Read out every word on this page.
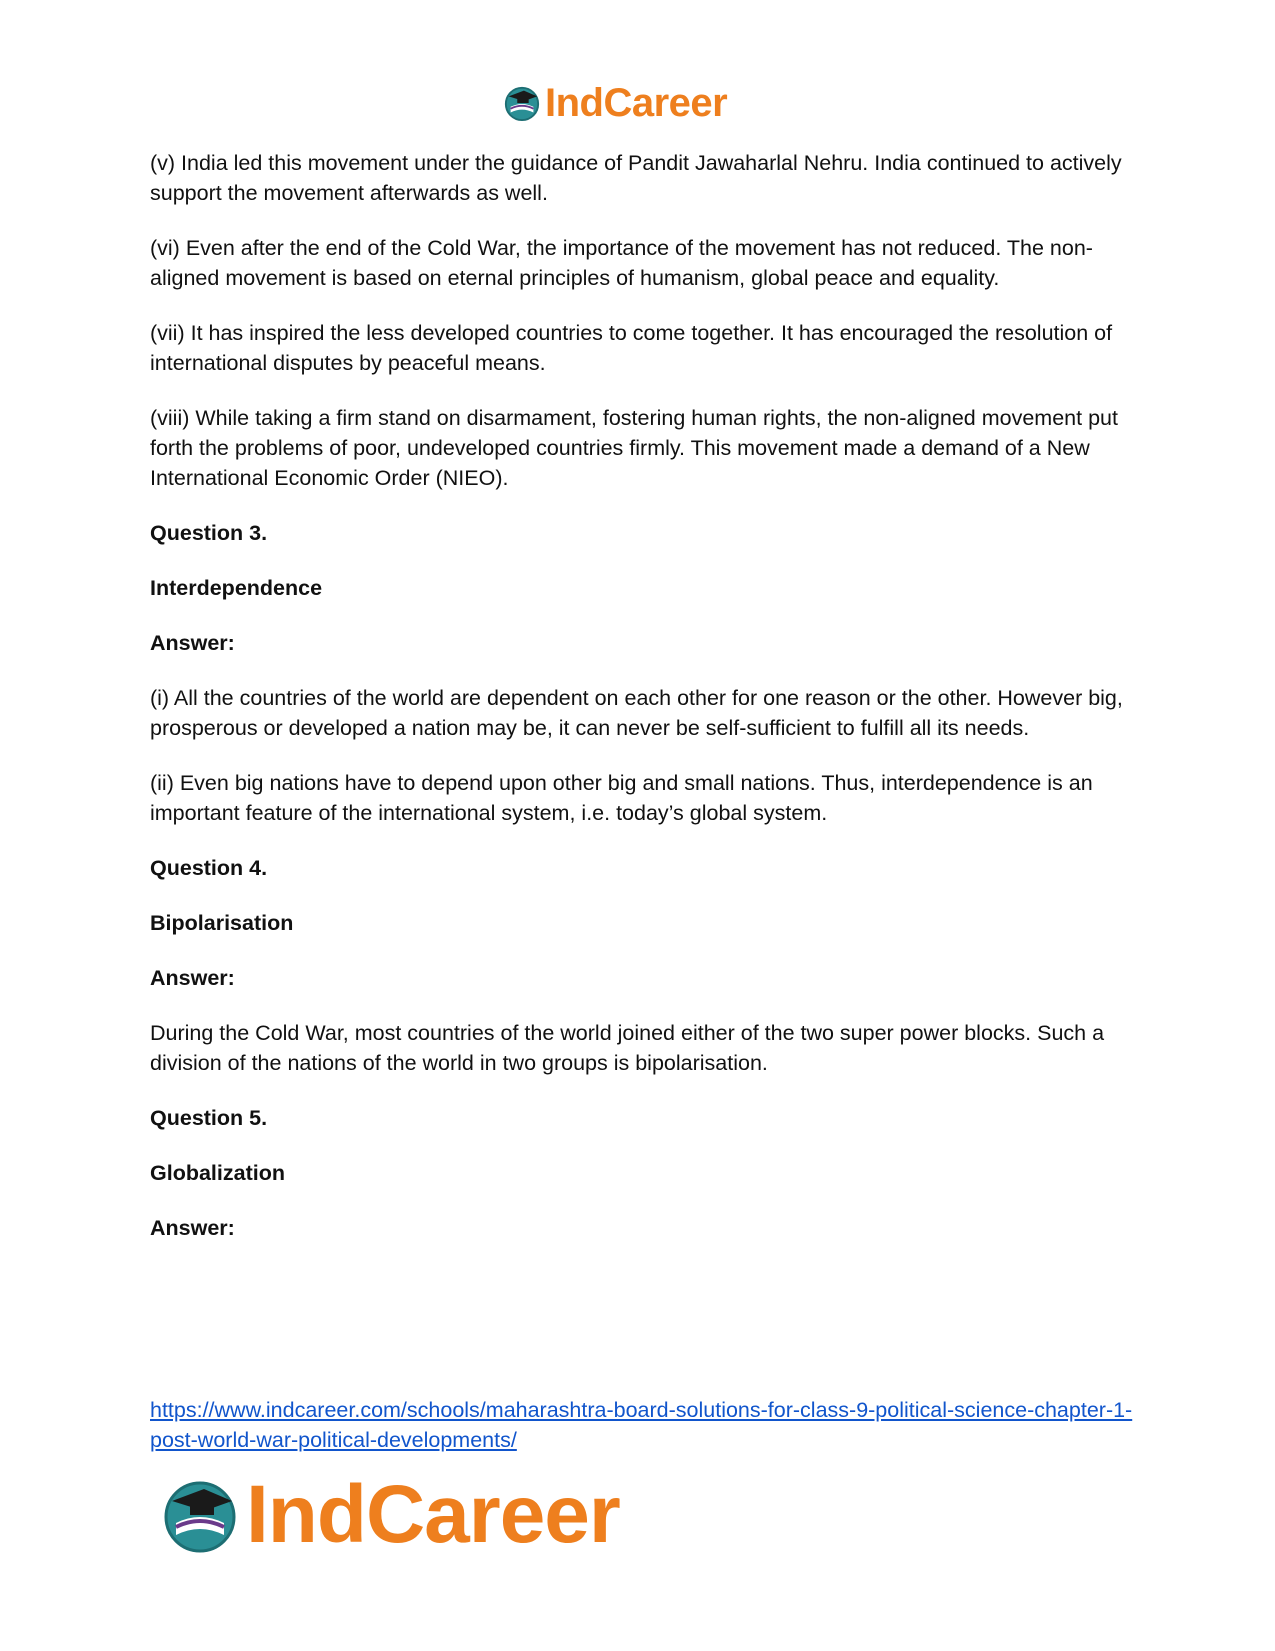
IndCareer

(v) India led this movement under the guidance of Pandit Jawaharlal Nehru. India continued to actively support the movement afterwards as well.

(vi) Even after the end of the Cold War, the importance of the movement has not reduced. The non-aligned movement is based on eternal principles of humanism, global peace and equality.

(vii) It has inspired the less developed countries to come together. It has encouraged the resolution of international disputes by peaceful means.

(viii) While taking a firm stand on disarmament, fostering human rights, the non-aligned movement put forth the problems of poor, undeveloped countries firmly. This movement made a demand of a New International Economic Order (NIEO).

Question 3.

Interdependence

Answer:

(i) All the countries of the world are dependent on each other for one reason or the other. However big, prosperous or developed a nation may be, it can never be self-sufficient to fulfill all its needs.

(ii) Even big nations have to depend upon other big and small nations. Thus, interdependence is an important feature of the international system, i.e. today’s global system.

Question 4.

Bipolarisation

Answer:

During the Cold War, most countries of the world joined either of the two super power blocks. Such a division of the nations of the world in two groups is bipolarisation.

Question 5.

Globalization

Answer:

https://www.indcareer.com/schools/maharashtra-board-solutions-for-class-9-political-science-chapter-1-post-world-war-political-developments/
IndCareer
